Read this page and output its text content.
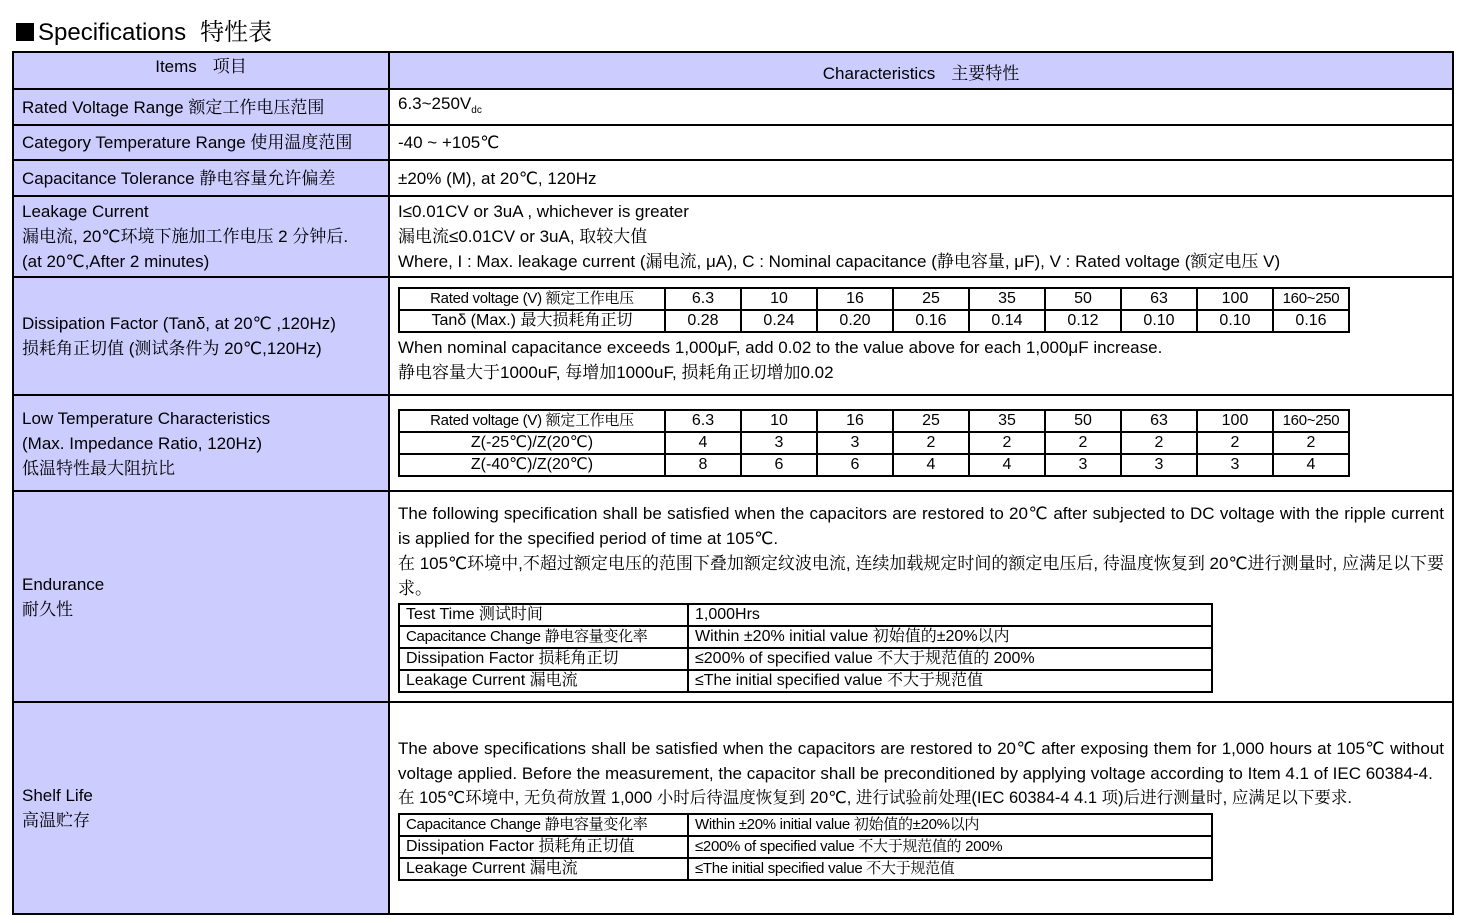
Specifications 特性表
Items 项目	Characteristics 主要特性
Rated Voltage Range 额定工作电压范围	$6.3\sim 250V_{dc}$
Category Temperature Range 使用温度范围	-40 ~ +105℃
Capacitance Tolerance 静电容量允许偏差	±20% (M), at 20℃, 120Hz

Leakage Current

漏电流, 20℃环境下施加工作电压 2 分钟后.

(at 20℃,After 2 minutes)

I≤0.01CV or 3uA , whichever is greater

漏电流≤0.01CV or 3uA, 取较大值

Where, I : Max. leakage current (漏电流, μA), C : Nominal capacitance (静电容量, μF), V : Rated voltage (额定电压 V)

Dissipation Factor (Tanδ, at 20℃ ,120Hz)

损耗角正切值 (测试条件为 20℃,120Hz)

Rated voltage (V) 额定工作电压	6.3	10	16	25	35	50	63	100	160~250
Tanδ (Max.) 最大损耗角正切	0.28	0.24	0.20	0.16	0.14	0.12	0.10	0.10	0.16

When nominal capacitance exceeds 1,000μF, add 0.02 to the value above for each 1,000μF increase.

静电容量大于1000uF, 每增加1000uF, 损耗角正切增加0.02

Low Temperature Characteristics

(Max. Impedance Ratio, 120Hz)

低温特性最大阻抗比

Rated voltage (V) 额定工作电压	6.3	10	16	25	35	50	63	100	160~250
Z(-25℃)/Z(20℃)	4	3	3	2	2	2	2	2	2
Z(-40℃)/Z(20℃)	8	6	6	4	4	3	3	3	4

Endurance

耐久性

The following specification shall be satisfied when the capacitors are restored to 20℃ after subjected to DC voltage with the ripple current is applied for the specified period of time at 105℃.

在 105℃环境中,不超过额定电压的范围下叠加额定纹波电流, 连续加载规定时间的额定电压后, 待温度恢复到 20℃进行测量时, 应满足以下要求。

Test Time 测试时间	1,000Hrs
Capacitance Change 静电容量变化率	Within ±20% initial value 初始值的±20%以内
Dissipation Factor 损耗角正切	≤200% of specified value 不大于规范值的 200%
Leakage Current 漏电流	≤The initial specified value 不大于规范值

Shelf Life

高温贮存

The above specifications shall be satisfied when the capacitors are restored to 20℃ after exposing them for 1,000 hours at 105℃ without voltage applied. Before the measurement, the capacitor shall be preconditioned by applying voltage according to Item 4.1 of IEC 60384-4.

在 105℃环境中, 无负荷放置 1,000 小时后待温度恢复到 20℃, 进行试验前处理(IEC 60384-4 4.1 项)后进行测量时, 应满足以下要求.

Capacitance Change 静电容量变化率	Within ±20% initial value 初始值的±20%以内
Dissipation Factor 损耗角正切值	≤200% of specified value 不大于规范值的 200%
Leakage Current 漏电流	≤The initial specified value 不大于规范值
